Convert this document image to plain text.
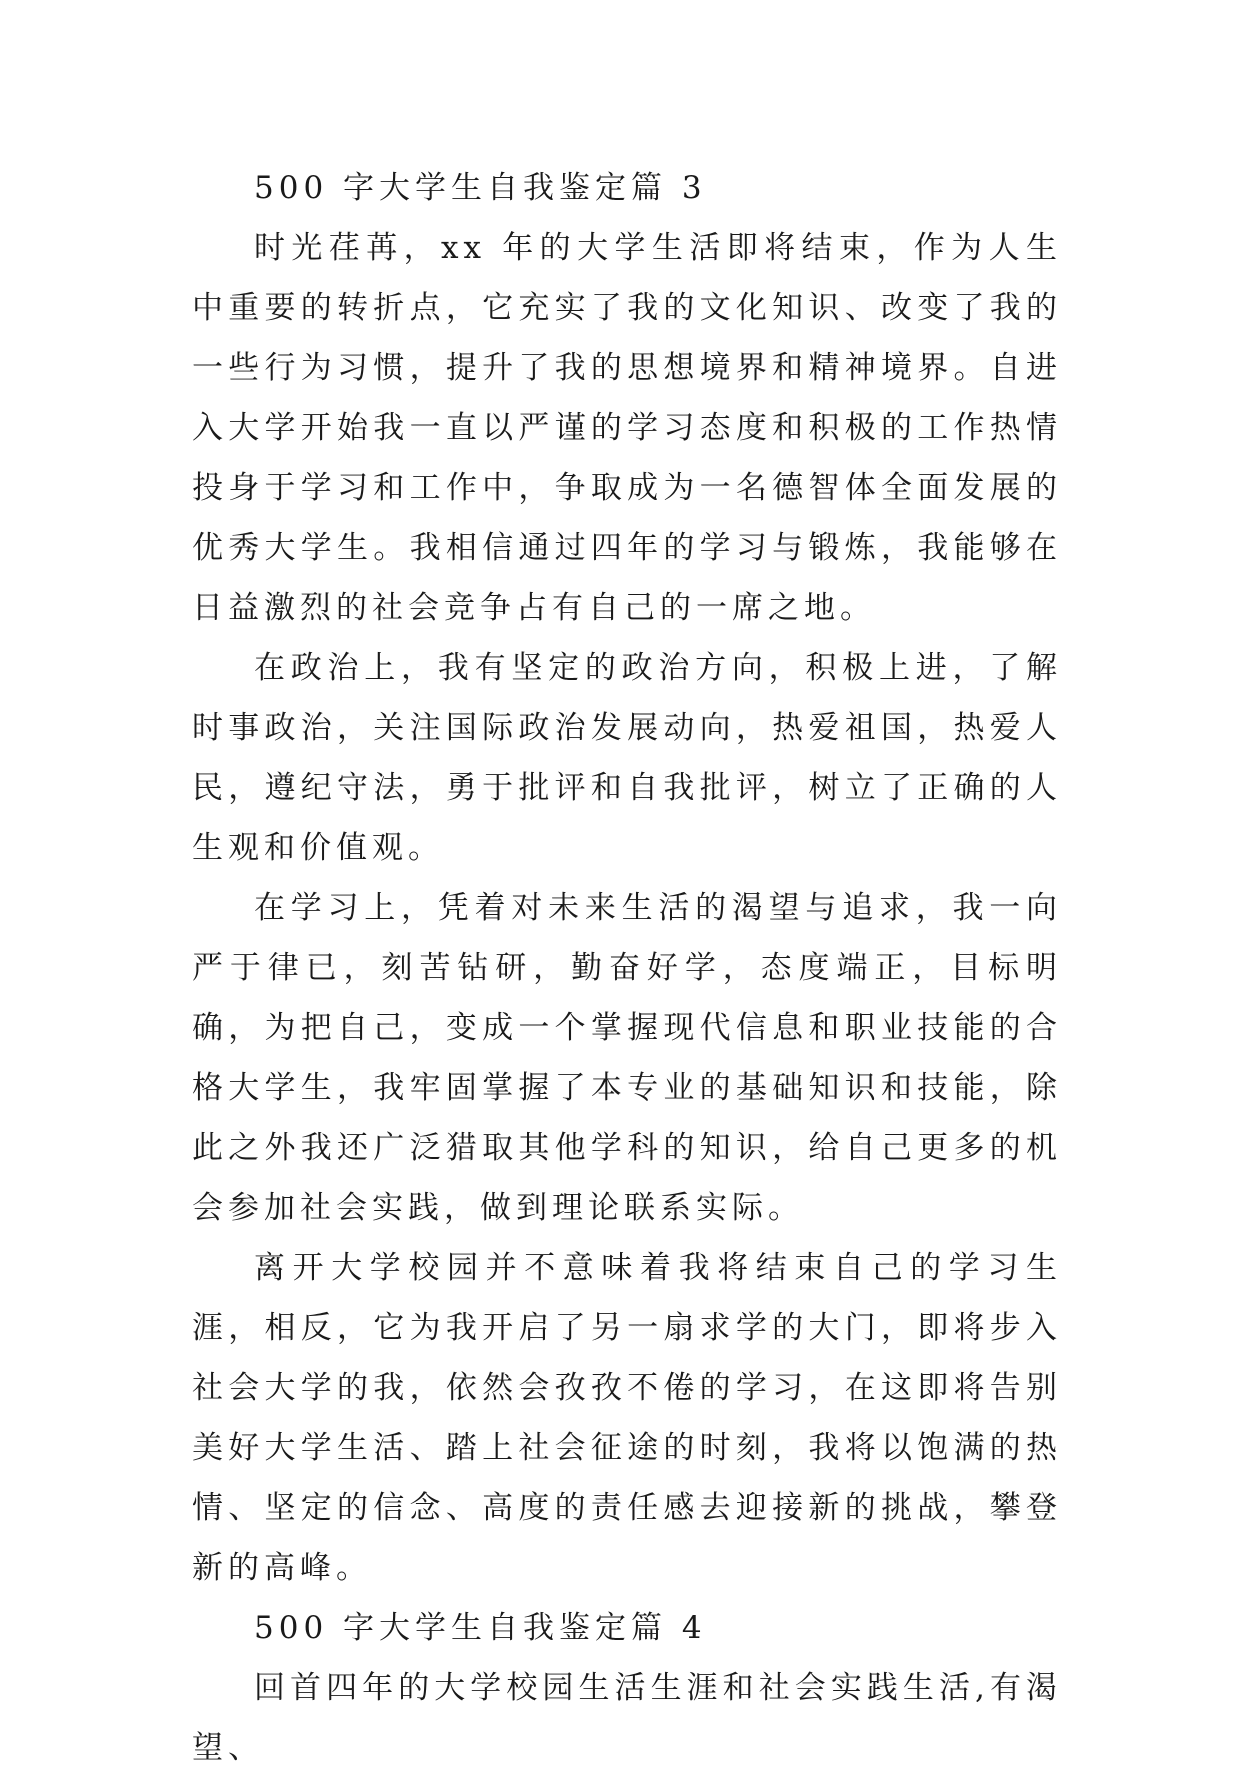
500 字大学生自我鉴定篇 3

时光荏苒，xx 年的大学生活即将结束，作为人生中重要的转折点，它充实了我的文化知识、改变了我的一些行为习惯，提升了我的思想境界和精神境界。自进入大学开始我一直以严谨的学习态度和积极的工作热情投身于学习和工作中，争取成为一名德智体全面发展的优秀大学生。我相信通过四年的学习与锻炼，我能够在日益激烈的社会竞争占有自己的一席之地。

在政治上，我有坚定的政治方向，积极上进，了解时事政治，关注国际政治发展动向，热爱祖国，热爱人民，遵纪守法，勇于批评和自我批评，树立了正确的人生观和价值观。

在学习上，凭着对未来生活的渴望与追求，我一向严于律已，刻苦钻研，勤奋好学，态度端正，目标明确，为把自己，变成一个掌握现代信息和职业技能的合格大学生，我牢固掌握了本专业的基础知识和技能，除此之外我还广泛猎取其他学科的知识，给自己更多的机会参加社会实践，做到理论联系实际。

离开大学校园并不意味着我将结束自己的学习生涯，相反，它为我开启了另一扇求学的大门，即将步入社会大学的我，依然会孜孜不倦的学习，在这即将告别美好大学生活、踏上社会征途的时刻，我将以饱满的热情、坚定的信念、高度的责任感去迎接新的挑战，攀登新的高峰。

500 字大学生自我鉴定篇 4

回首四年的大学校园生活生涯和社会实践生活,有渴望、
